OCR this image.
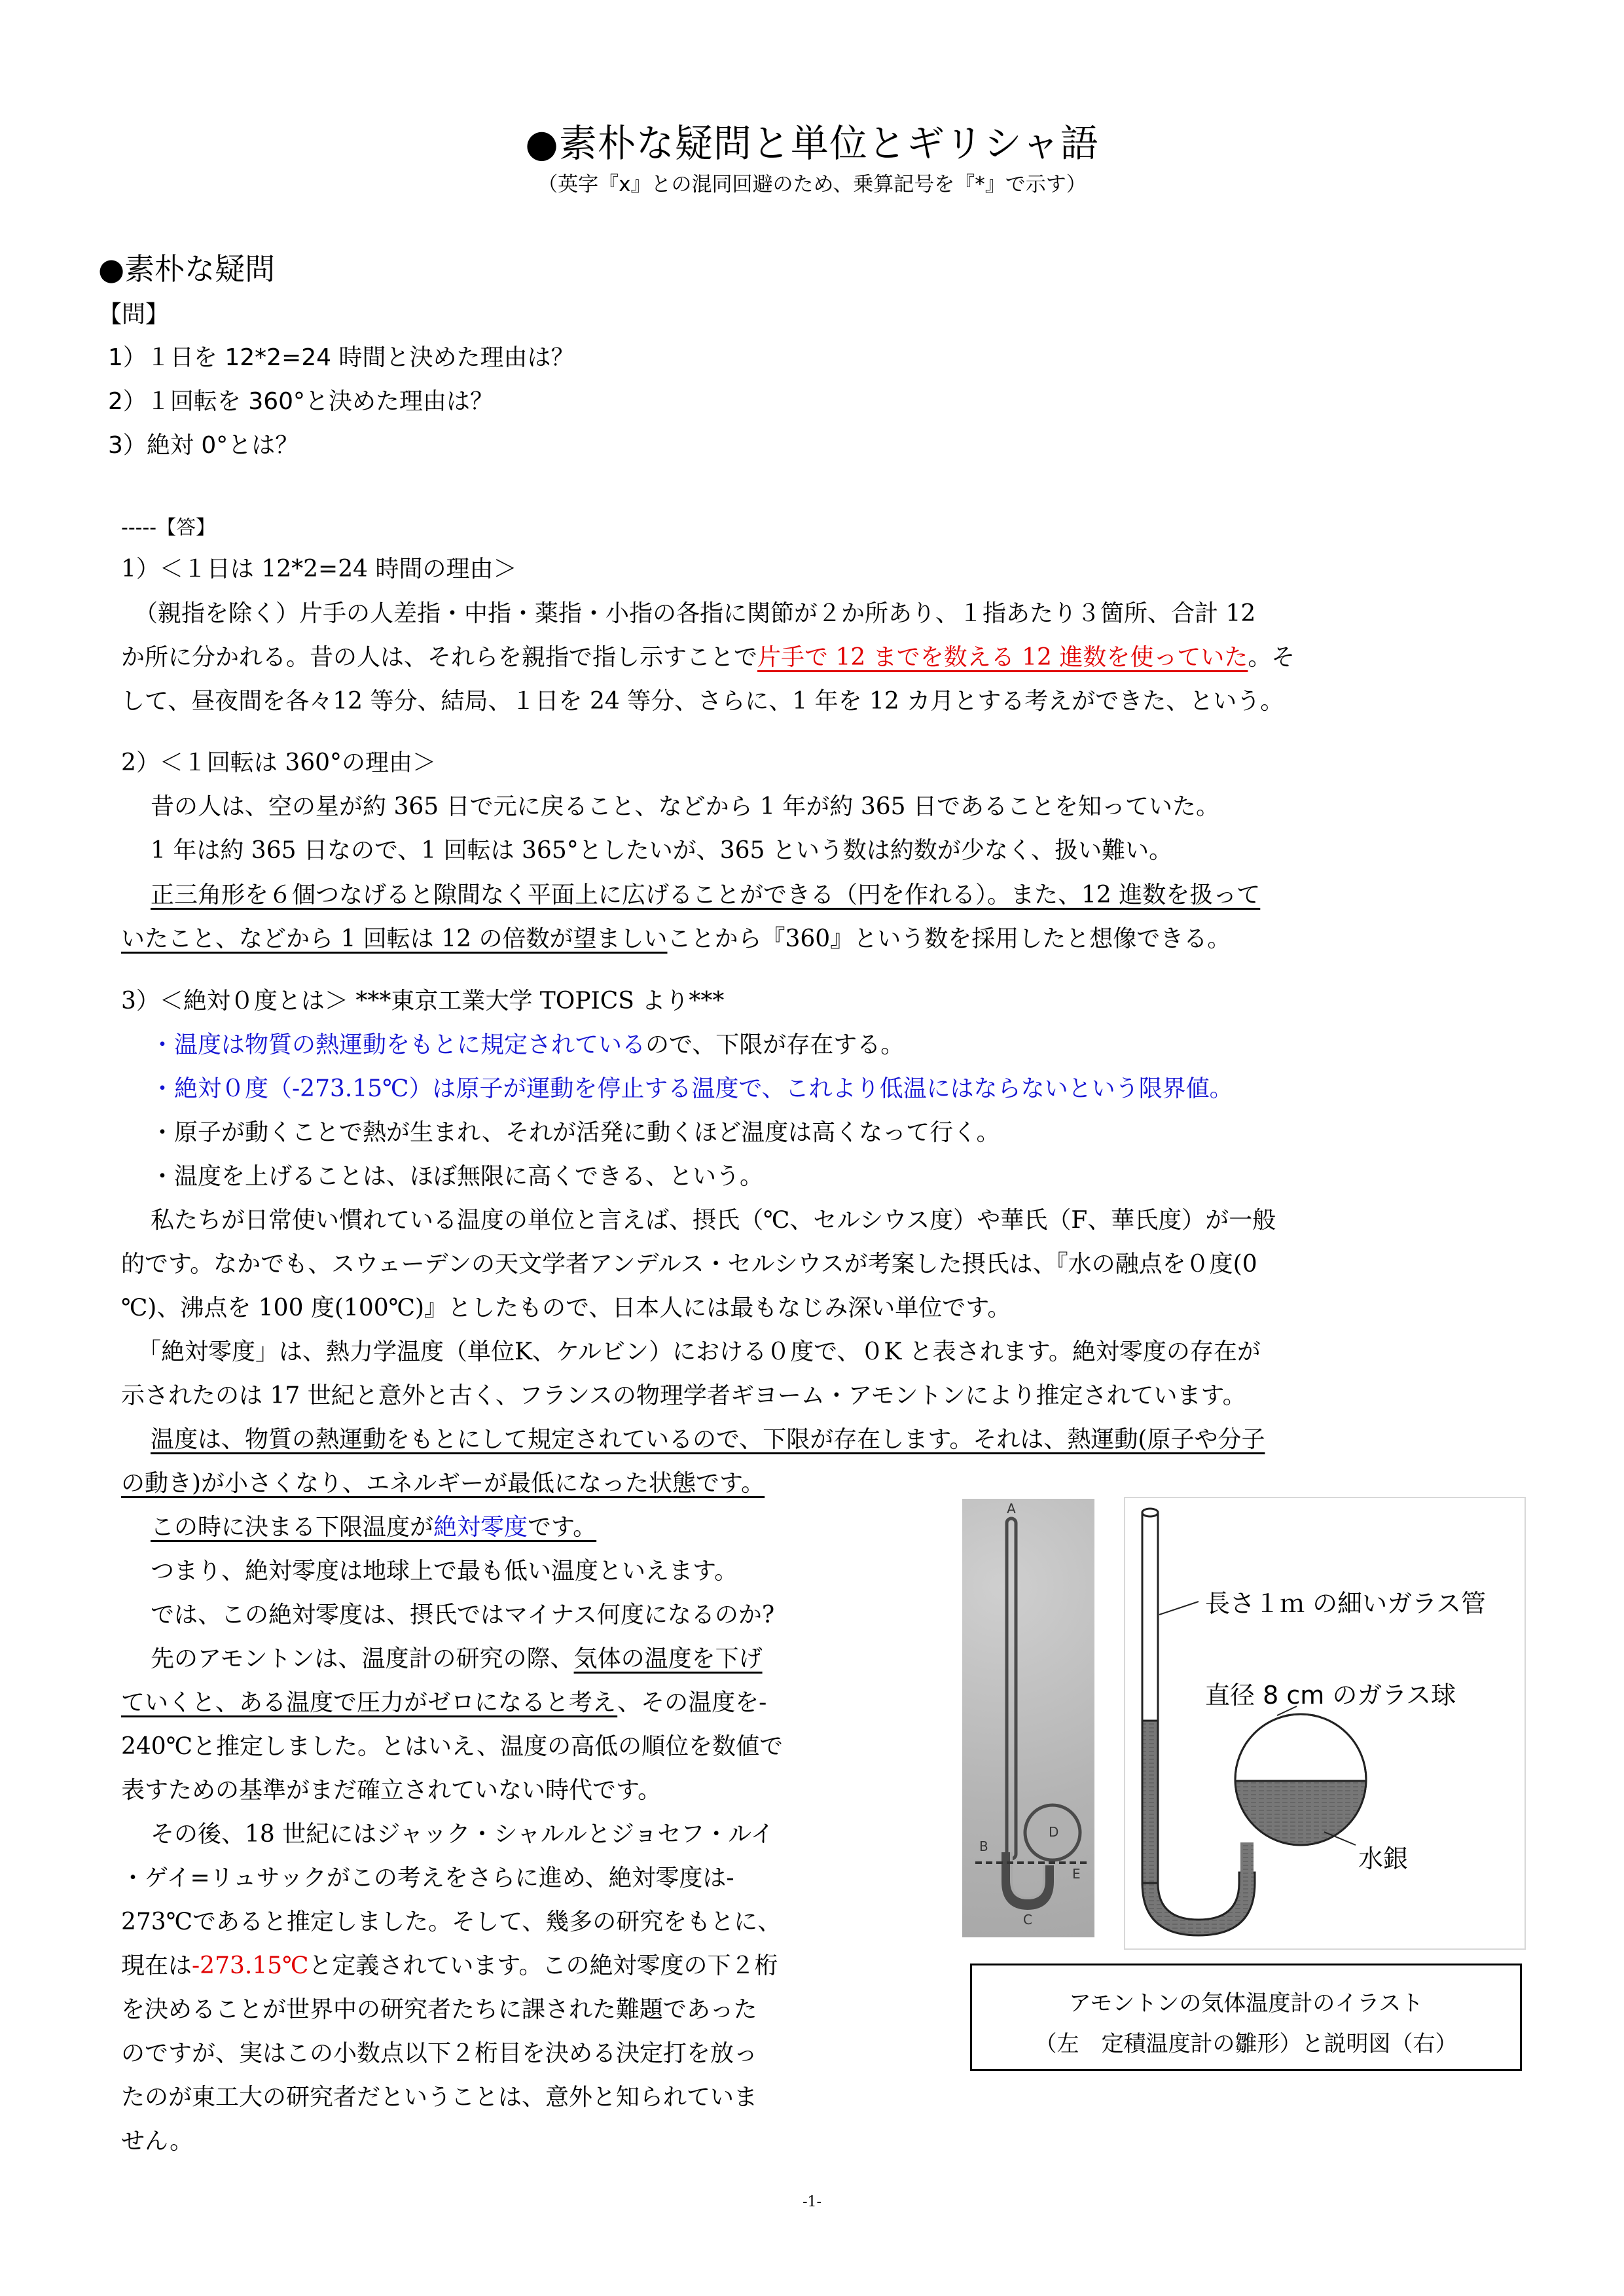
●素朴な疑問と単位とギリシャ語
（英字『x』との混同回避のため、乗算記号を『*』で示す）
●素朴な疑問
【問】
1）１日を 12*2=24 時間と決めた理由は？
2）１回転を 360°と決めた理由は？
3）絶対 0°とは？
-----【答】
1）＜１日は 12*2=24 時間の理由＞
（親指を除く）片手の人差指・中指・薬指・小指の各指に関節が２か所あり、１指あたり３箇所、合計 12
か所に分かれる。昔の人は、それらを親指で指し示すことで片手で 12 までを数える 12 進数を使っていた。そ
して、昼夜間を各々12 等分、結局、１日を 24 等分、さらに、1 年を 12 カ月とする考えができた、という。
2）＜１回転は 360°の理由＞
昔の人は、空の星が約 365 日で元に戻ること、などから 1 年が約 365 日であることを知っていた。
1 年は約 365 日なので、1 回転は 365°としたいが、365 という数は約数が少なく、扱い難い。
正三角形を６個つなげると隙間なく平面上に広げることができる（円を作れる）。また、12 進数を扱って
いたこと、などから 1 回転は 12 の倍数が望ましいことから『360』という数を採用したと想像できる。
3）＜絶対０度とは＞ ***東京工業大学 TOPICS より***
・温度は物質の熱運動をもとに規定されているので、下限が存在する。
・絶対０度（-273.15℃）は原子が運動を停止する温度で、これより低温にはならないという限界値。
・原子が動くことで熱が生まれ、それが活発に動くほど温度は高くなって行く。
・温度を上げることは、ほぼ無限に高くできる、という。
私たちが日常使い慣れている温度の単位と言えば、摂氏（℃、セルシウス度）や華氏（F、華氏度）が一般
的です。なかでも、スウェーデンの天文学者アンデルス・セルシウスが考案した摂氏は、『水の融点を０度(0
℃)、沸点を 100 度(100℃)』としたもので、日本人には最もなじみ深い単位です。
「絶対零度」は、熱力学温度（単位K、ケルビン）における０度で、０K と表されます。絶対零度の存在が
示されたのは 17 世紀と意外と古く、フランスの物理学者ギヨーム・アモントンにより推定されています。
温度は、物質の熱運動をもとにして規定されているので、下限が存在します。それは、熱運動(原子や分子
の動き)が小さくなり、エネルギーが最低になった状態です。
この時に決まる下限温度が絶対零度です。
つまり、絶対零度は地球上で最も低い温度といえます。
では、この絶対零度は、摂氏ではマイナス何度になるのか?
先のアモントンは、温度計の研究の際、気体の温度を下げ
ていくと、ある温度で圧力がゼロになると考え、その温度を-
240℃と推定しました。とはいえ、温度の高低の順位を数値で
表すための基準がまだ確立されていない時代です。
その後、18 世紀にはジャック・シャルルとジョセフ・ルイ
・ゲイ=リュサックがこの考えをさらに進め、絶対零度は-
273℃であると推定しました。そして、幾多の研究をもとに、
現在は-273.15℃と定義されています。この絶対零度の下２桁
を決めることが世界中の研究者たちに課された難題であった
のですが、実はこの小数点以下２桁目を決める決定打を放っ
たのが東工大の研究者だということは、意外と知られていま
せん。
A
B
C
D
E
長さ１ｍ の細いガラス管
直径 8 cm のガラス球
水銀
アモントンの気体温度計のイラスト
（左　定積温度計の雛形）と説明図（右）
-1-
